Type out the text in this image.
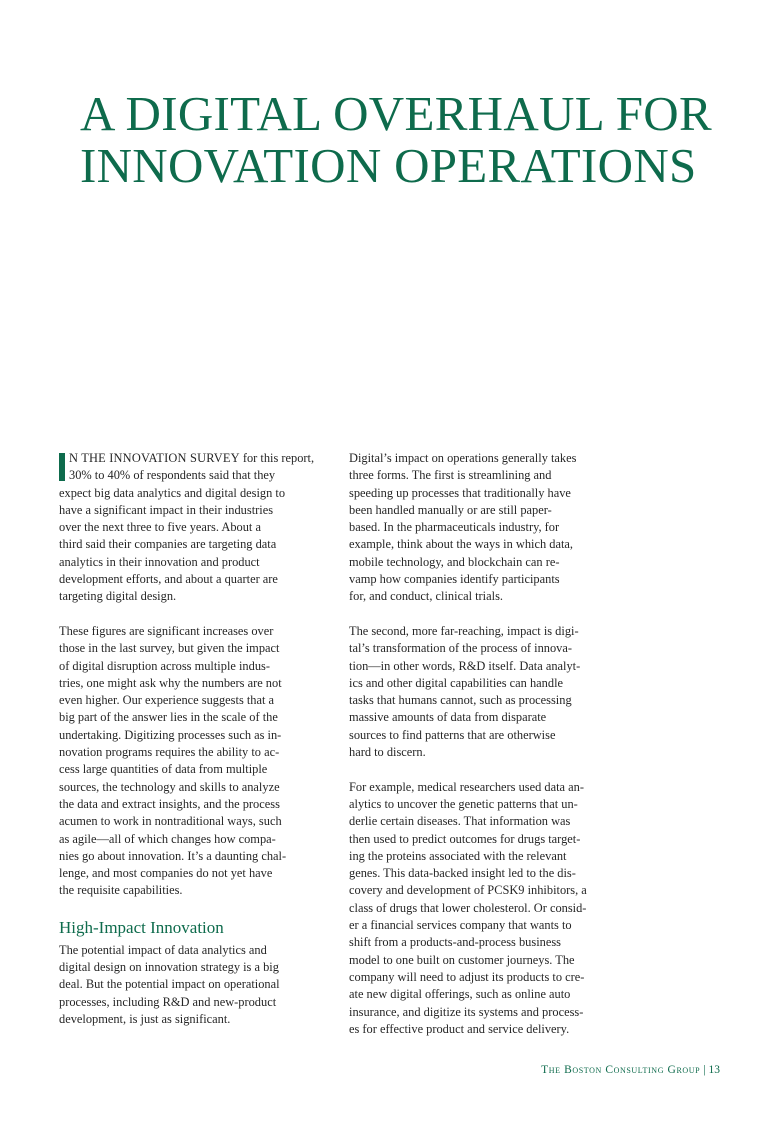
A DIGITAL OVERHAUL FOR
INNOVATION OPERATIONS
N THE INNOVATION SURVEY for this report,
30% to 40% of respondents said that they
expect big data analytics and digital design to
have a significant impact in their industries
over the next three to five years. About a
third said their companies are targeting data
analytics in their innovation and product
development efforts, and about a quarter are
targeting digital design.
These figures are significant increases over
those in the last survey, but given the impact
of digital disruption across multiple indus-
tries, one might ask why the numbers are not
even higher. Our experience suggests that a
big part of the answer lies in the scale of the
undertaking. Digitizing processes such as in-
novation programs requires the ability to ac-
cess large quantities of data from multiple
sources, the technology and skills to analyze
the data and extract insights, and the process
acumen to work in nontraditional ways, such
as agile—all of which changes how compa-
nies go about innovation. It’s a daunting chal-
lenge, and most companies do not yet have
the requisite capabilities.
High-Impact Innovation
The potential impact of data analytics and
digital design on innovation strategy is a big
deal. But the potential impact on operational
processes, including R&D and new-product
development, is just as significant.
Digital’s impact on operations generally takes
three forms. The first is streamlining and
speeding up processes that traditionally have
been handled manually or are still paper-
based. In the pharmaceuticals industry, for
example, think about the ways in which data,
mobile technology, and blockchain can re-
vamp how companies identify participants
for, and conduct, clinical trials.
The second, more far-reaching, impact is digi-
tal’s transformation of the process of innova-
tion—in other words, R&D itself. Data analyt-
ics and other digital capabilities can handle
tasks that humans cannot, such as processing
massive amounts of data from disparate
sources to find patterns that are otherwise
hard to discern.
For example, medical researchers used data an-
alytics to uncover the genetic patterns that un-
derlie certain diseases. That information was
then used to predict outcomes for drugs target-
ing the proteins associated with the relevant
genes. This data-backed insight led to the dis-
covery and development of PCSK9 inhibitors, a
class of drugs that lower cholesterol. Or consid-
er a financial services company that wants to
shift from a products-and-process business
model to one built on customer journeys. The
company will need to adjust its products to cre-
ate new digital offerings, such as online auto
insurance, and digitize its systems and process-
es for effective product and service delivery.
The Boston Consulting Group | 13
